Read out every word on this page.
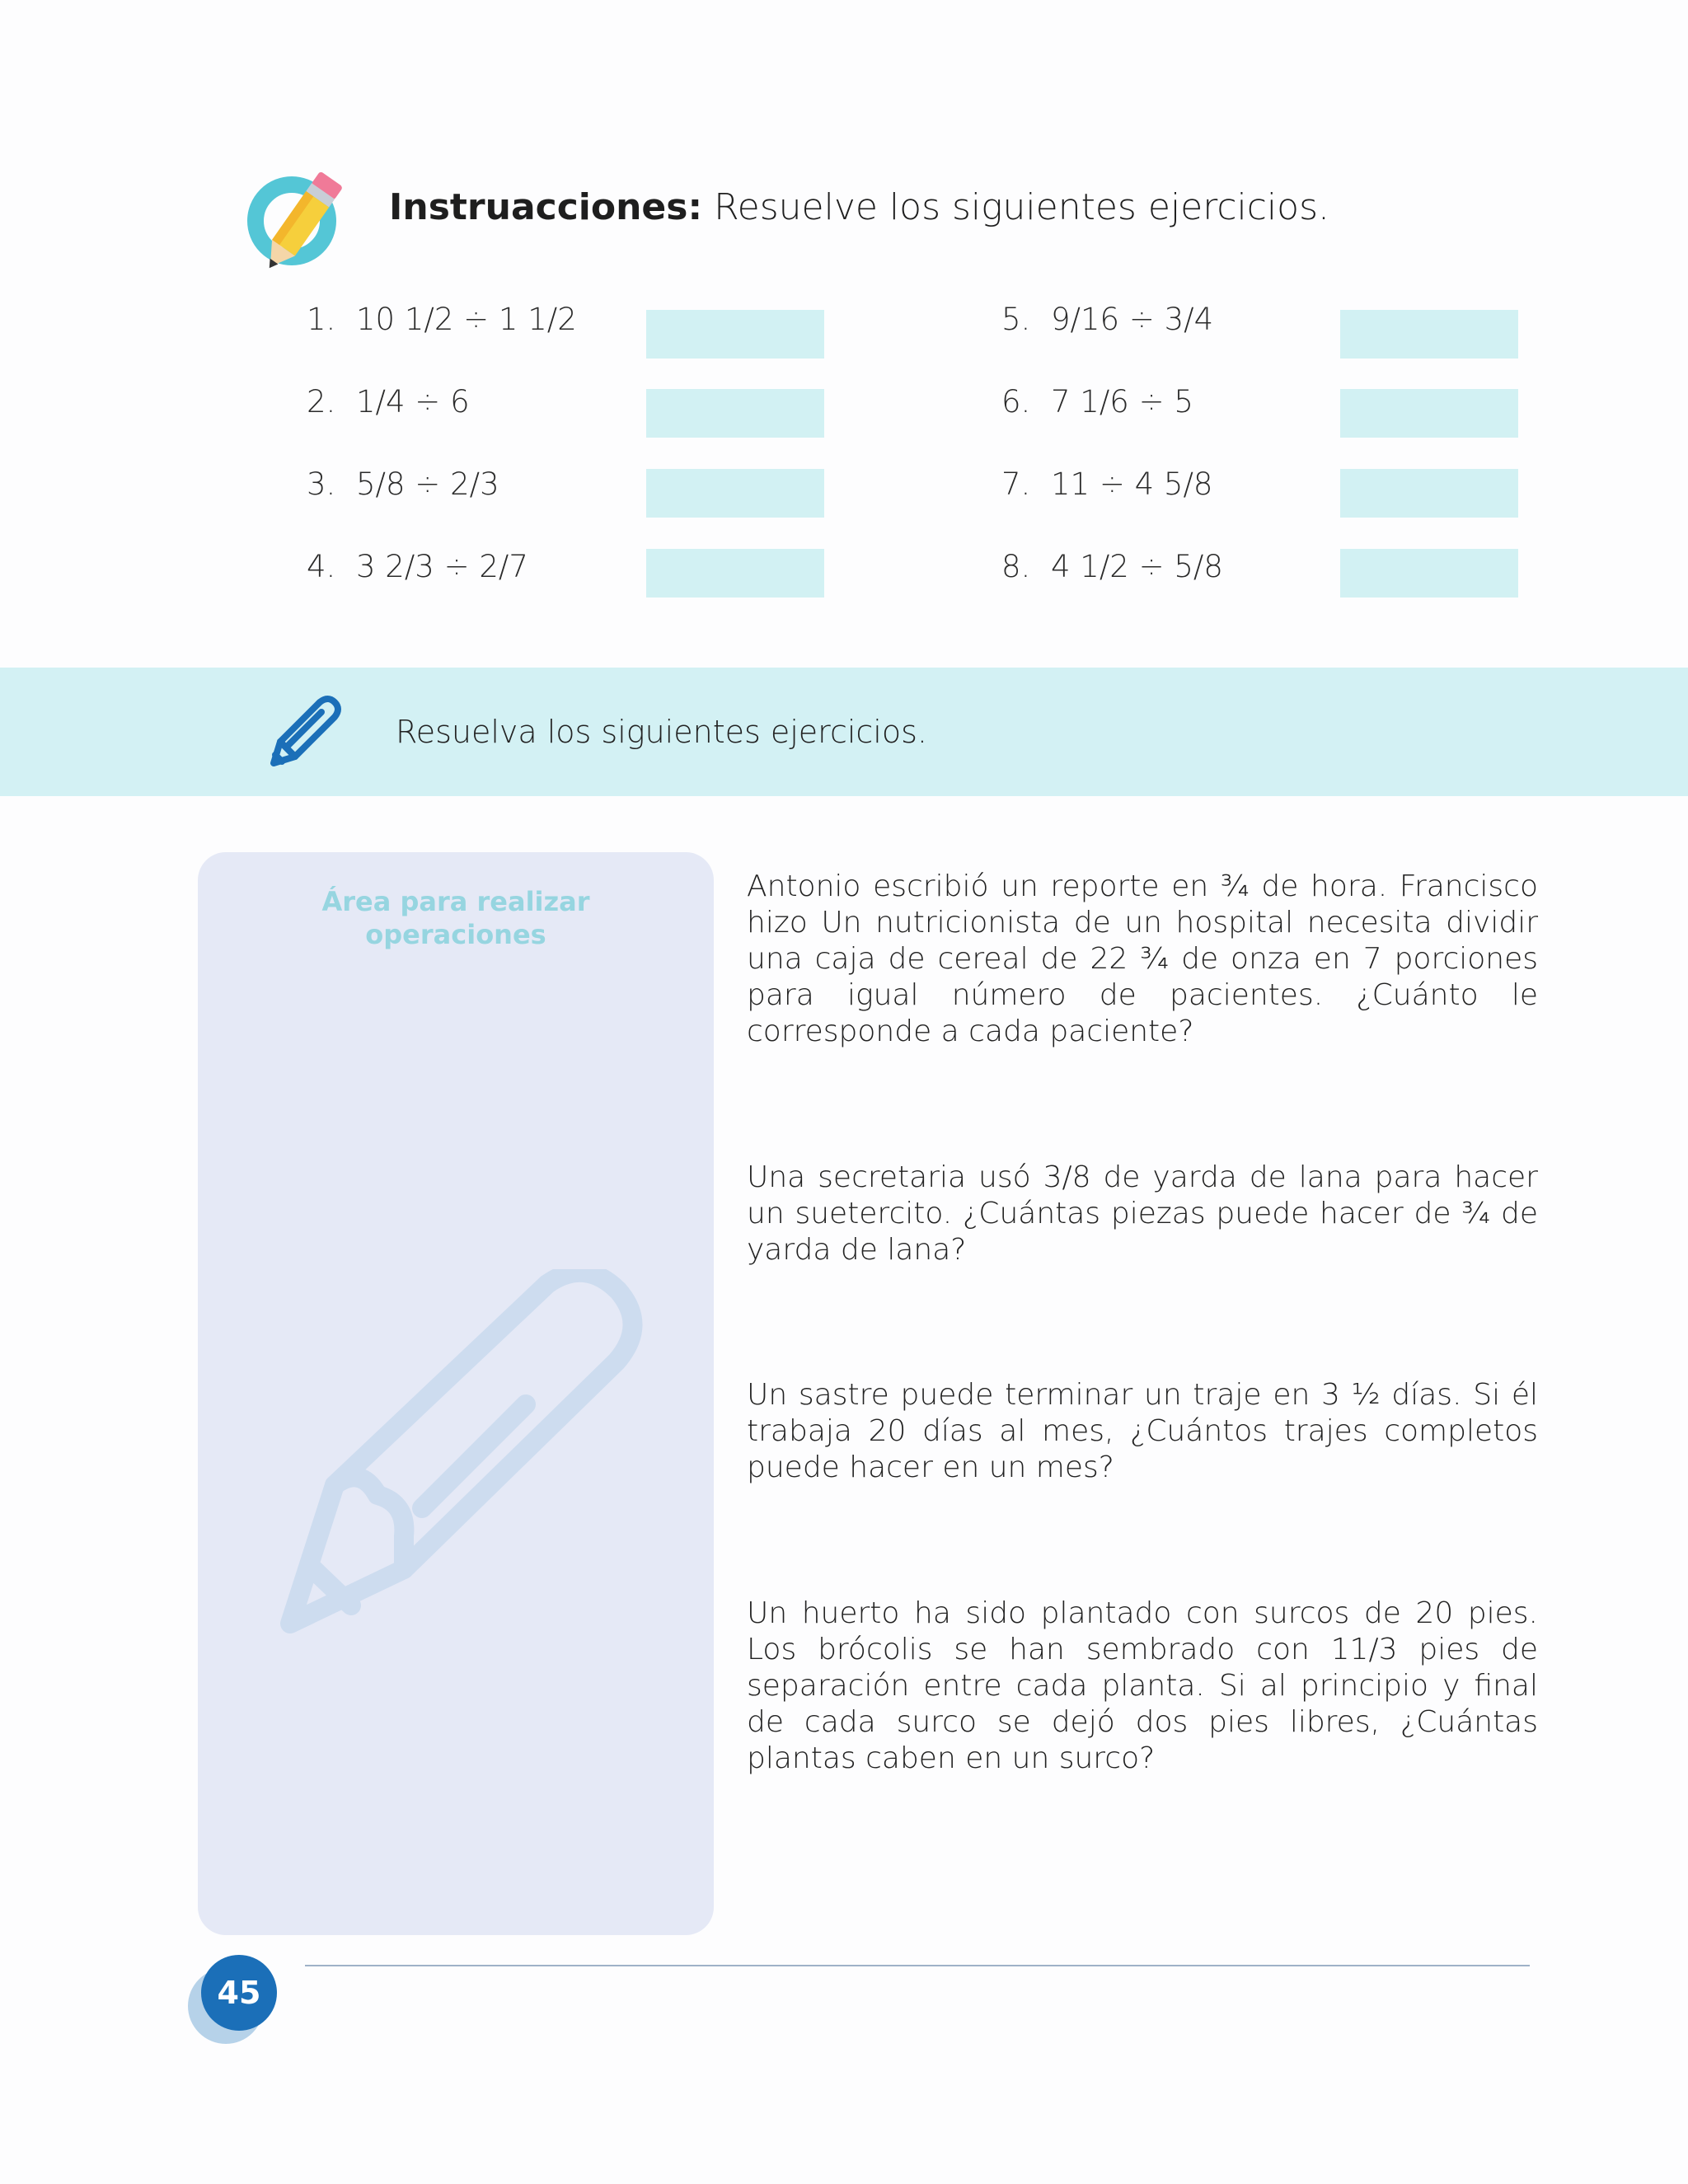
Instruacciones: Resuelve los siguientes ejercicios.
1. 10 1/2 ÷ 1 1/2
2. 1/4 ÷ 6
3. 5/8 ÷ 2/3
4. 3 2/3 ÷ 2/7
5. 9/16 ÷ 3/4
6. 7 1/6 ÷ 5
7. 11 ÷ 4 5/8
8. 4 1/2 ÷ 5/8
Resuelva los siguientes ejercicios.
Área para realizar
operaciones
Antonio escribió un reporte en ¾ de hora. Francisco hizo Un nutricionista de un hospital necesita dividir una caja de cereal de 22 ¾ de onza en 7 porciones para igual número de pacientes. ¿Cuánto le corresponde a cada paciente?
Una secretaria usó 3/8 de yarda de lana para hacer un suetercito. ¿Cuántas piezas puede hacer de ¾ de yarda de lana?
Un sastre puede terminar un traje en 3 ½ días. Si él trabaja 20 días al mes, ¿Cuántos trajes completos puede hacer en un mes?
Un huerto ha sido plantado con surcos de 20 pies. Los brócolis se han sembrado con 11/3 pies de separación entre cada planta. Si al principio y final de cada surco se dejó dos pies libres, ¿Cuántas plantas caben en un surco?
45
